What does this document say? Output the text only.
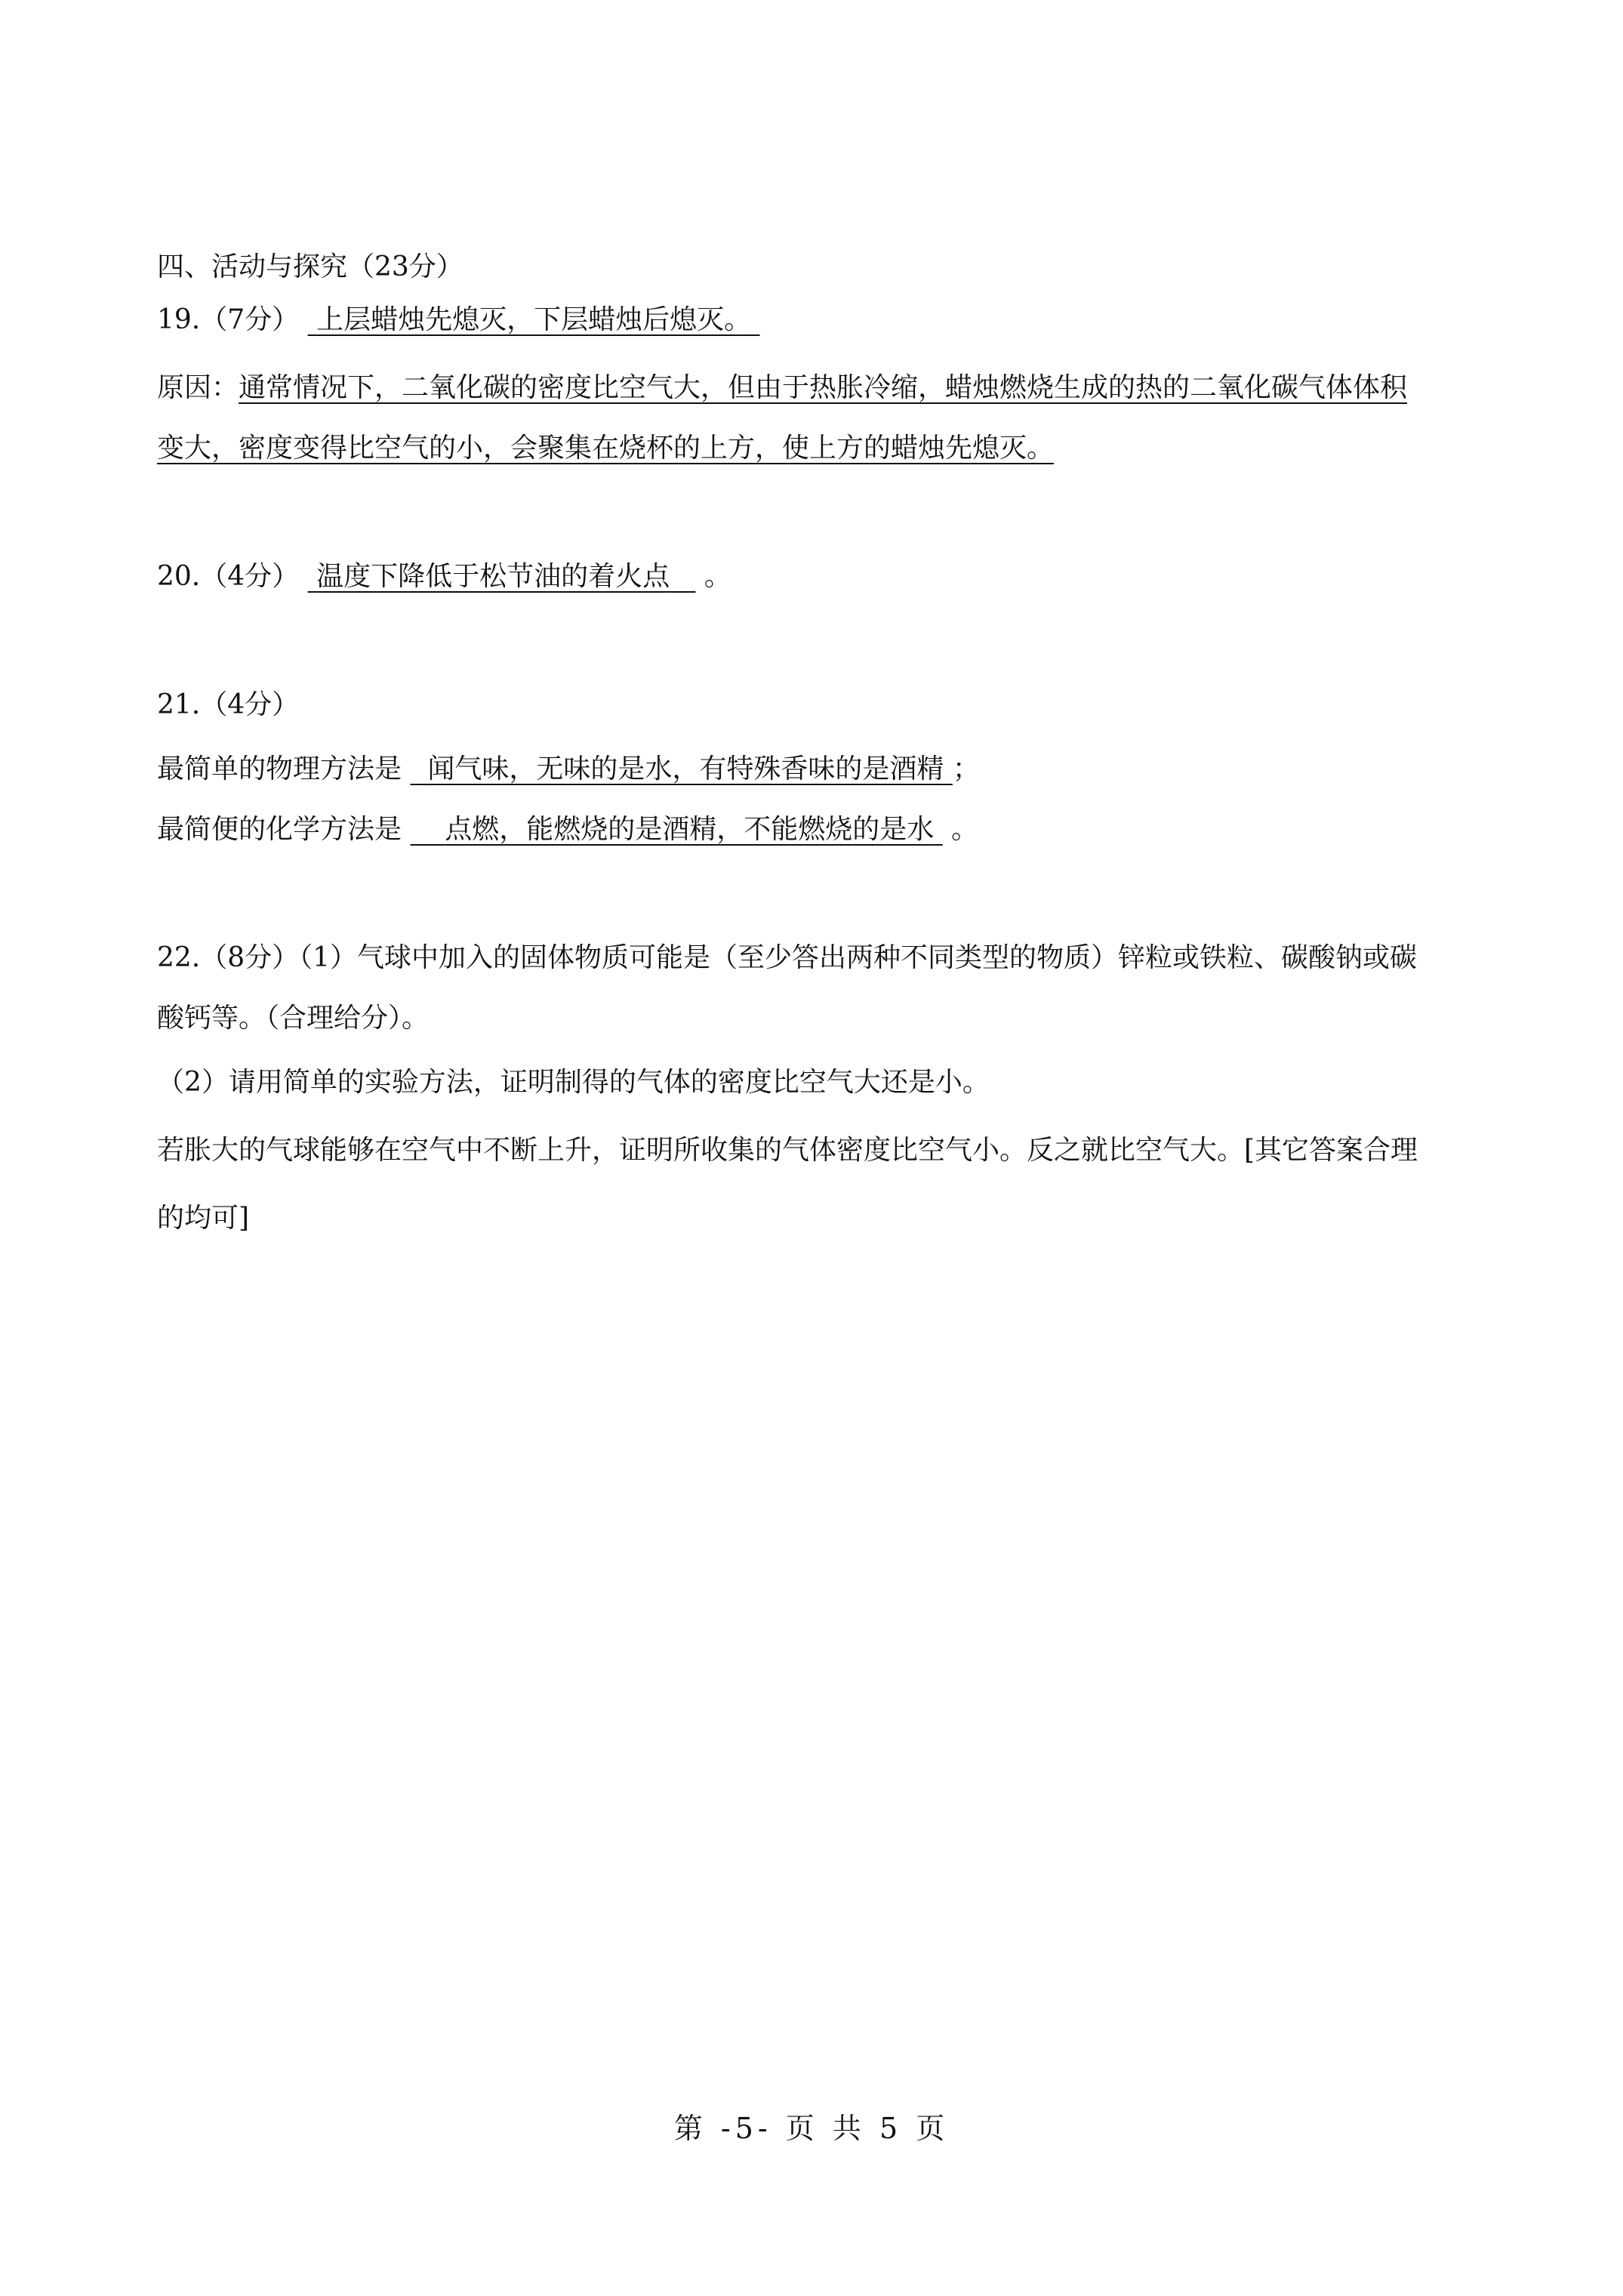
四、活动与探究（23分）
19.（7分） 上层蜡烛先熄灭，下层蜡烛后熄灭。
原因：通常情况下，二氧化碳的密度比空气大，但由于热胀冷缩，蜡烛燃烧生成的热的二氧化碳气体体积
变大，密度变得比空气的小，会聚集在烧杯的上方，使上方的蜡烛先熄灭。
20.（4分） 温度下降低于松节油的着火点 。
21.（4分）
最简单的物理方法是 闻气味，无味的是水，有特殊香味的是酒精 ；
最简便的化学方法是 点燃，能燃烧的是酒精，不能燃烧的是水 。
22.（8分）（1）气球中加入的固体物质可能是（至少答出两种不同类型的物质）锌粒或铁粒、碳酸钠或碳
酸钙等。（合理给分）。
（2）请用简单的实验方法，证明制得的气体的密度比空气大还是小。
若胀大的气球能够在空气中不断上升，证明所收集的气体密度比空气小。反之就比空气大。[其它答案合理
的均可]
第 -5- 页 共 5 页
